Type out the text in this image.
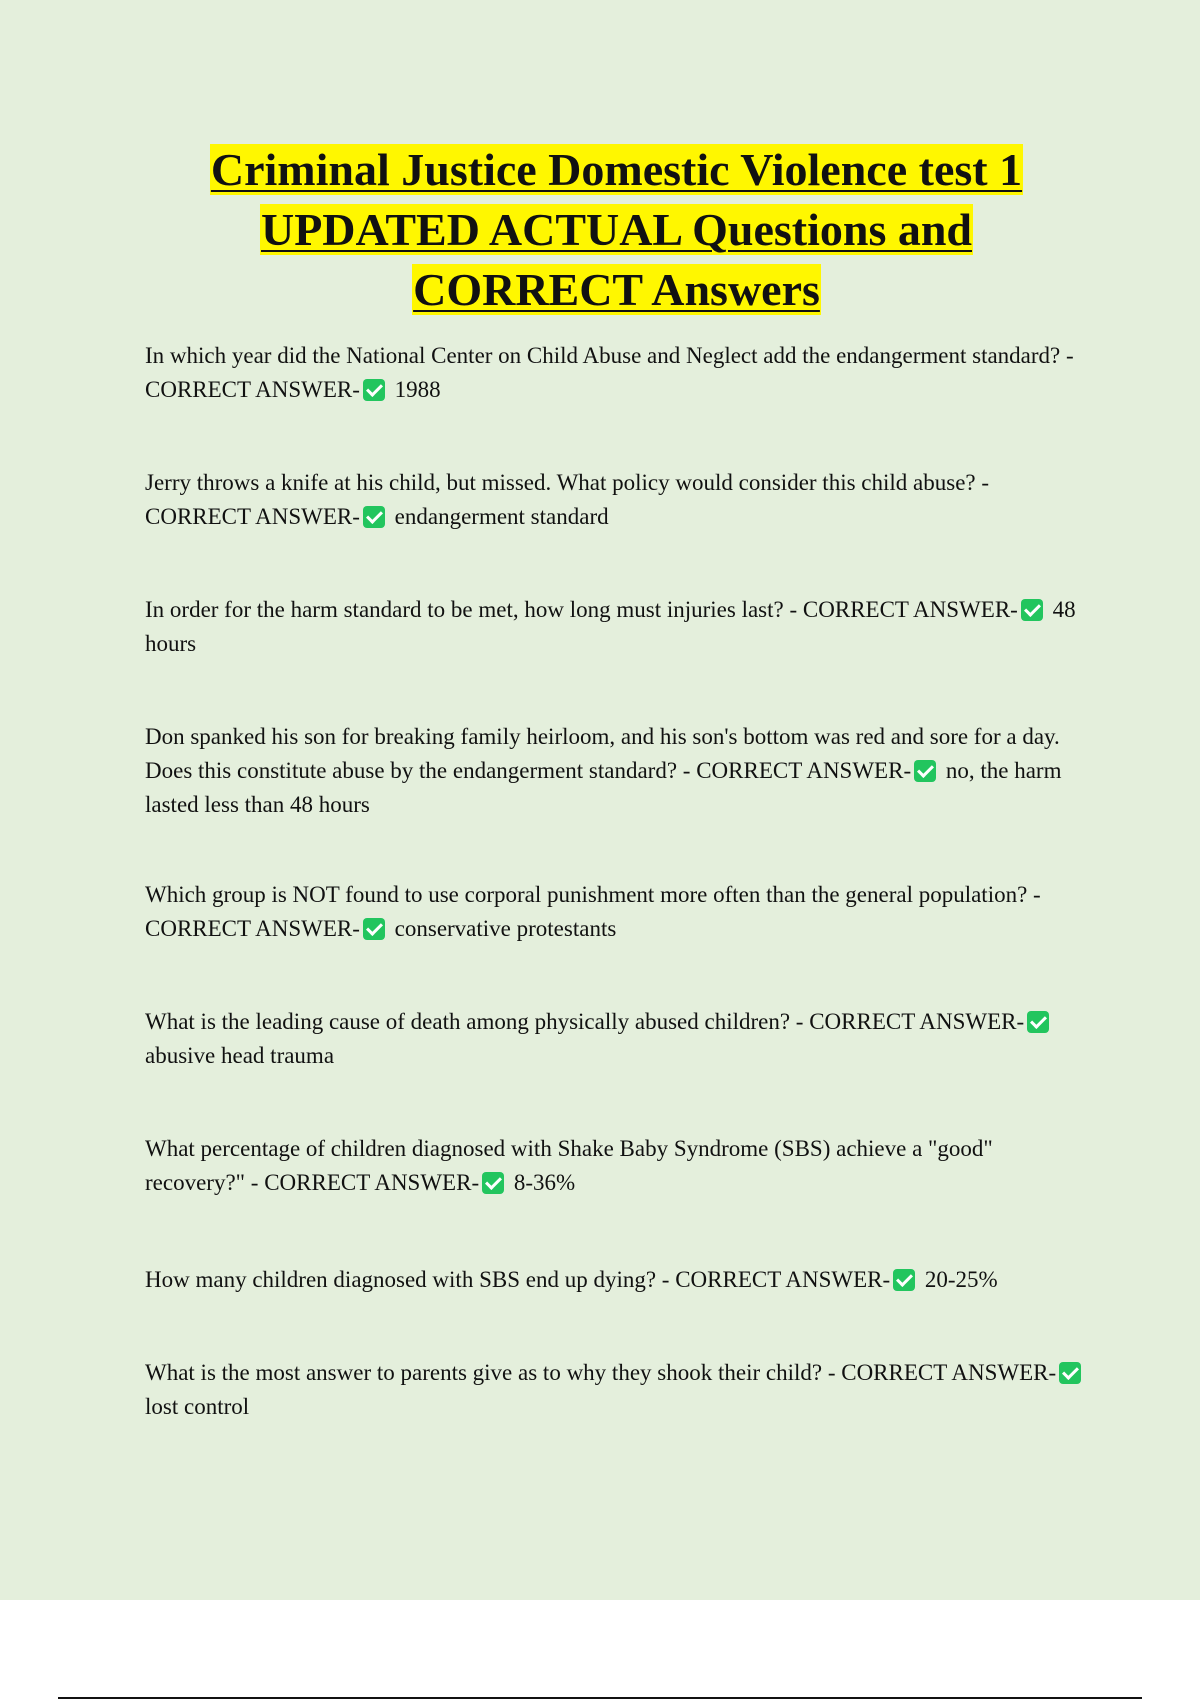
Criminal Justice Domestic Violence test 1
UPDATED ACTUAL Questions and
CORRECT Answers

In which year did the National Center on Child Abuse and Neglect add the endangerment standard? - CORRECT ANSWER- 1988

Jerry throws a knife at his child, but missed. What policy would consider this child abuse? - CORRECT ANSWER- endangerment standard

In order for the harm standard to be met, how long must injuries last? - CORRECT ANSWER- 48 hours

Don spanked his son for breaking family heirloom, and his son's bottom was red and sore for a day. Does this constitute abuse by the endangerment standard? - CORRECT ANSWER- no, the harm lasted less than 48 hours

Which group is NOT found to use corporal punishment more often than the general population? - CORRECT ANSWER- conservative protestants

What is the leading cause of death among physically abused children? - CORRECT ANSWER- abusive head trauma

What percentage of children diagnosed with Shake Baby Syndrome (SBS) achieve a "good" recovery?" - CORRECT ANSWER- 8-36%

How many children diagnosed with SBS end up dying? - CORRECT ANSWER- 20-25%

What is the most answer to parents give as to why they shook their child? - CORRECT ANSWER- lost control
